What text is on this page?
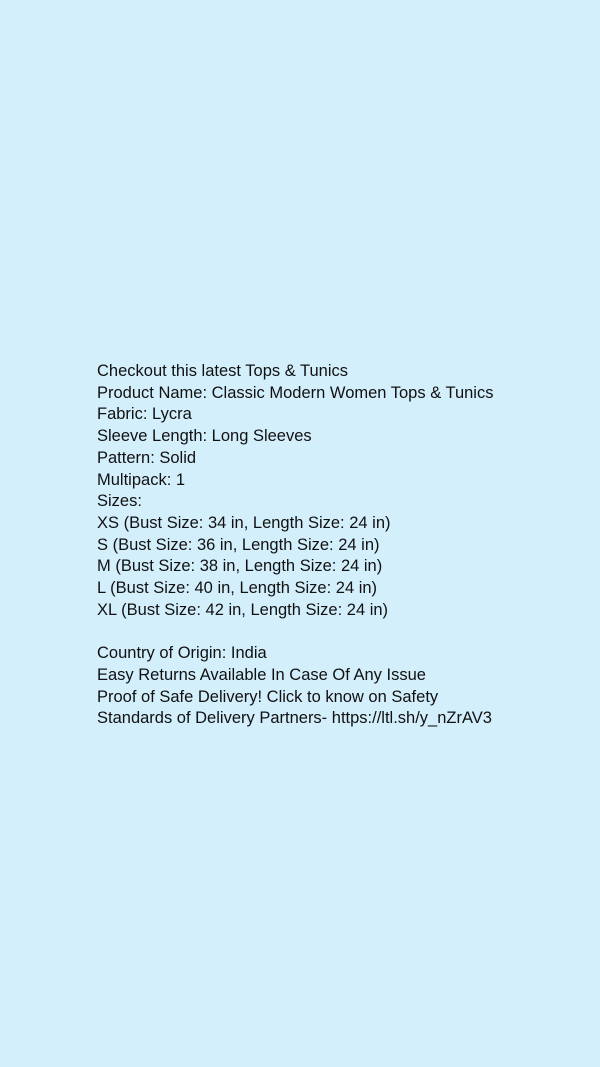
Checkout this latest Tops & Tunics
Product Name: Classic Modern Women Tops & Tunics
Fabric: Lycra
Sleeve Length: Long Sleeves
Pattern: Solid
Multipack: 1
Sizes:
XS (Bust Size: 34 in, Length Size: 24 in)
S (Bust Size: 36 in, Length Size: 24 in)
M (Bust Size: 38 in, Length Size: 24 in)
L (Bust Size: 40 in, Length Size: 24 in)
XL (Bust Size: 42 in, Length Size: 24 in)
Country of Origin: India
Easy Returns Available In Case Of Any Issue
Proof of Safe Delivery! Click to know on Safety
Standards of Delivery Partners- https://ltl.sh/y_nZrAV3
